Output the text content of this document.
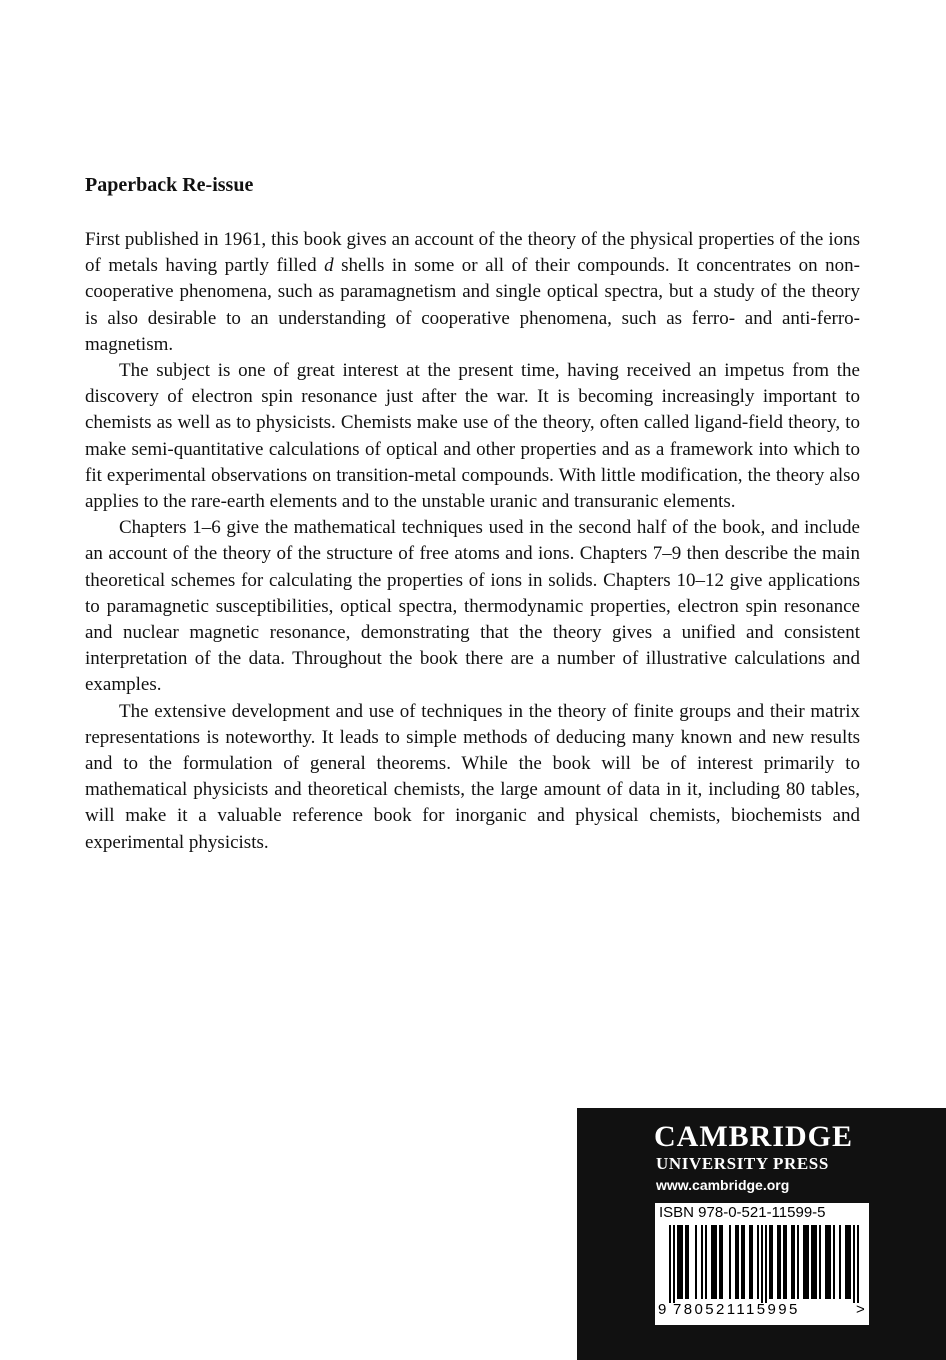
Paperback Re-issue

First published in 1961, this book gives an account of the theory of the physical properties of the ions of metals having partly filled d shells in some or all of their compounds. It concentrates on non-cooperative phenomena, such as paramagnetism and single optical spectra, but a study of the theory is also desirable to an understanding of cooperative phenomena, such as ferro- and anti-ferro-magnetism.

The subject is one of great interest at the present time, having received an impetus from the discovery of electron spin resonance just after the war. It is becoming increasingly important to chemists as well as to physicists. Chemists make use of the theory, often called ligand-field theory, to make semi-quantitative calculations of optical and other properties and as a framework into which to fit experimental observations on transition-metal compounds. With little modification, the theory also applies to the rare-earth elements and to the unstable uranic and transuranic elements.

Chapters 1–6 give the mathematical techniques used in the second half of the book, and include an account of the theory of the structure of free atoms and ions. Chapters 7–9 then describe the main theoretical schemes for calculating the properties of ions in solids. Chapters 10–12 give applications to paramagnetic susceptibilities, optical spectra, thermodynamic properties, electron spin resonance and nuclear magnetic resonance, demonstrating that the theory gives a unified and consistent interpretation of the data. Throughout the book there are a number of illustrative calculations and examples.

The extensive development and use of techniques in the theory of finite groups and their matrix representations is noteworthy. It leads to simple methods of deducing many known and new results and to the formulation of general theorems. While the book will be of interest primarily to mathematical physicists and theoretical chemists, the large amount of data in it, including 80 tables, will make it a valuable reference book for inorganic and physical chemists, biochemists and experimental physicists.

CAMBRIDGE
UNIVERSITY PRESS
www.cambridge.org
ISBN 978-0-521-11599-5
9 780521115995	>
